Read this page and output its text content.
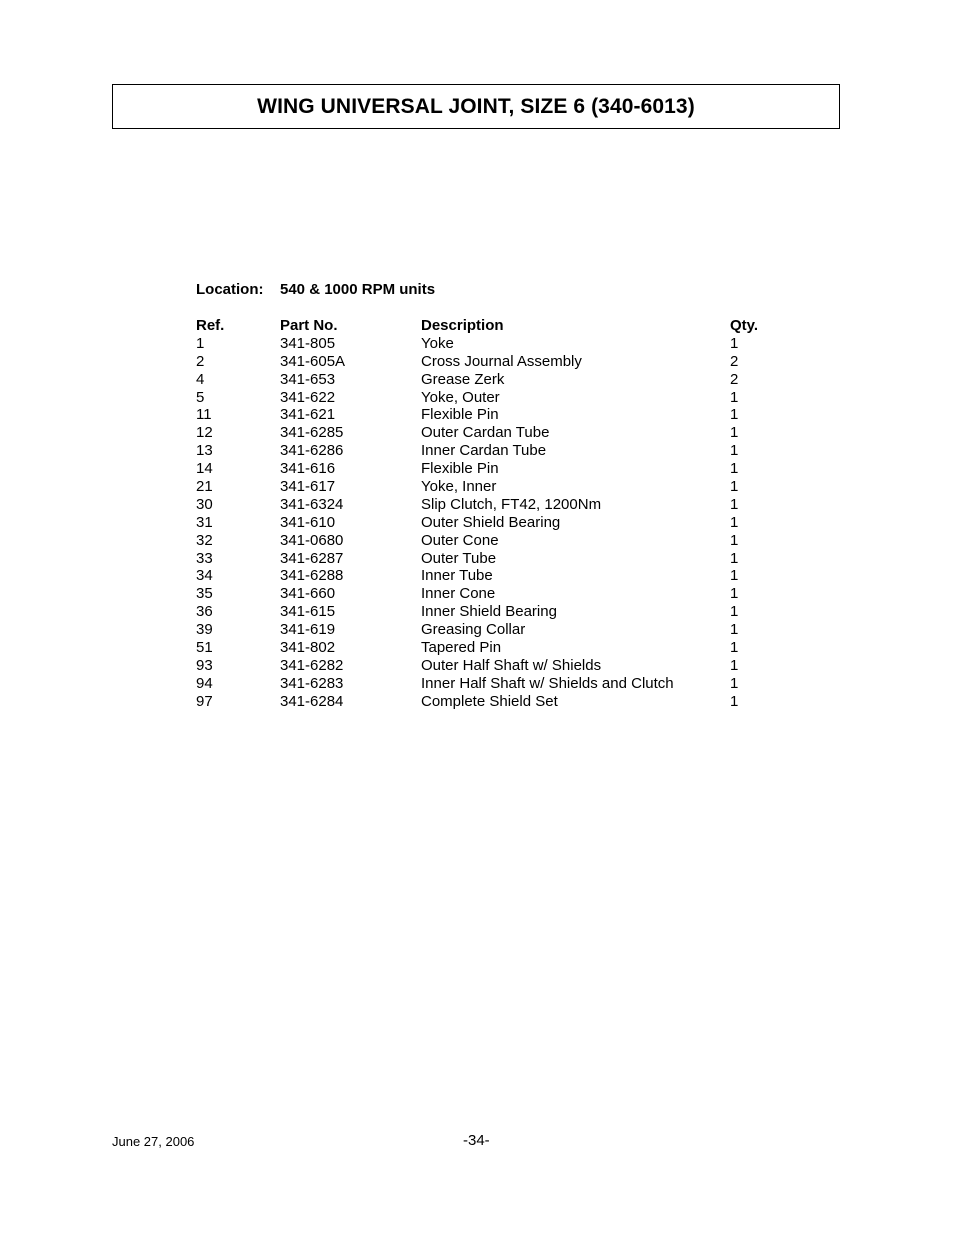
WING UNIVERSAL JOINT, SIZE 6 (340-6013)
Location: 540 & 1000 RPM units
Ref.	Part No.	Description	Qty.
1	341-805	Yoke	1
2	341-605A	Cross Journal Assembly	2
4	341-653	Grease Zerk	2
5	341-622	Yoke, Outer	1
11	341-621	Flexible Pin	1
12	341-6285	Outer Cardan Tube	1
13	341-6286	Inner Cardan Tube	1
14	341-616	Flexible Pin	1
21	341-617	Yoke, Inner	1
30	341-6324	Slip Clutch, FT42, 1200Nm	1
31	341-610	Outer Shield Bearing	1
32	341-0680	Outer Cone	1
33	341-6287	Outer Tube	1
34	341-6288	Inner Tube	1
35	341-660	Inner Cone	1
36	341-615	Inner Shield Bearing	1
39	341-619	Greasing Collar	1
51	341-802	Tapered Pin	1
93	341-6282	Outer Half Shaft w/ Shields	1
94	341-6283	Inner Half Shaft w/ Shields and Clutch	1
97	341-6284	Complete Shield Set	1
June 27, 2006	-34-
